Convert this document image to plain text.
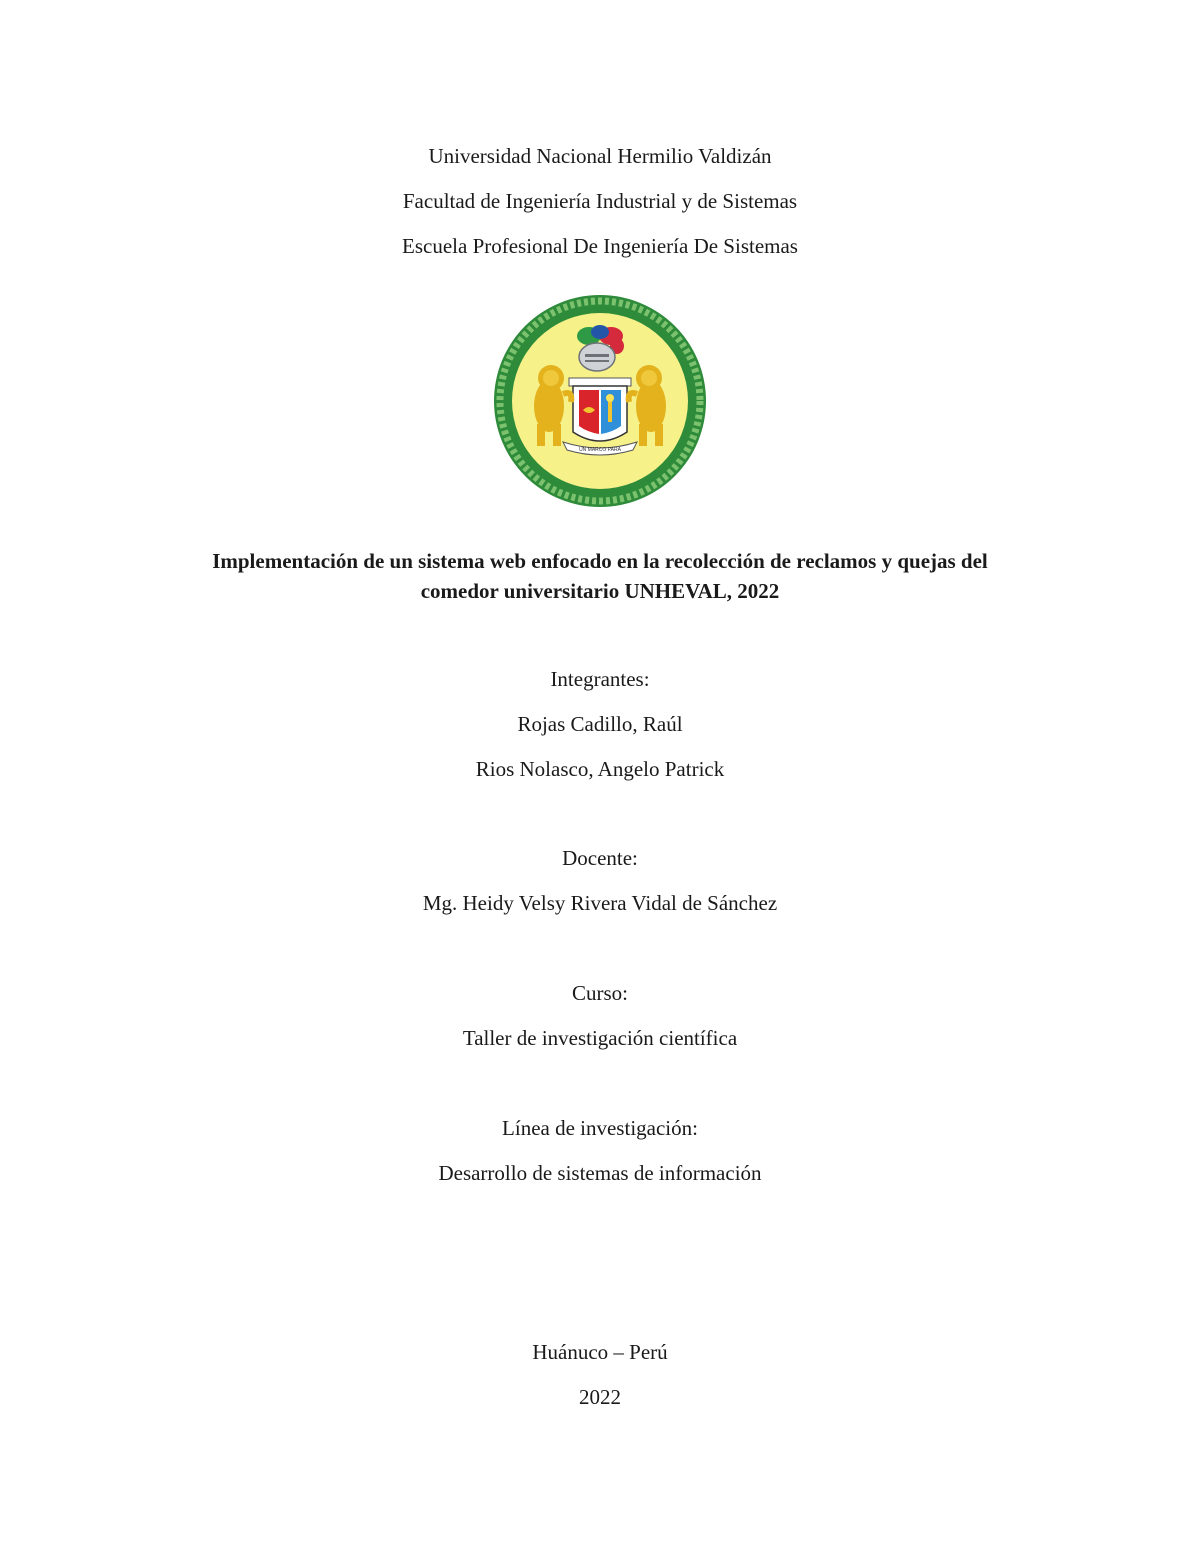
Universidad Nacional Hermilio Valdizán
Facultad de Ingeniería Industrial y de Sistemas
Escuela Profesional De Ingeniería De Sistemas
UN MARCO PARA
Implementación de un sistema web enfocado en la recolección de reclamos y quejas del
comedor universitario UNHEVAL, 2022
Integrantes:
Rojas Cadillo, Raúl
Rios Nolasco, Angelo Patrick
Docente:
Mg. Heidy Velsy Rivera Vidal de Sánchez
Curso:
Taller de investigación científica
Línea de investigación:
Desarrollo de sistemas de información
Huánuco – Perú
2022
